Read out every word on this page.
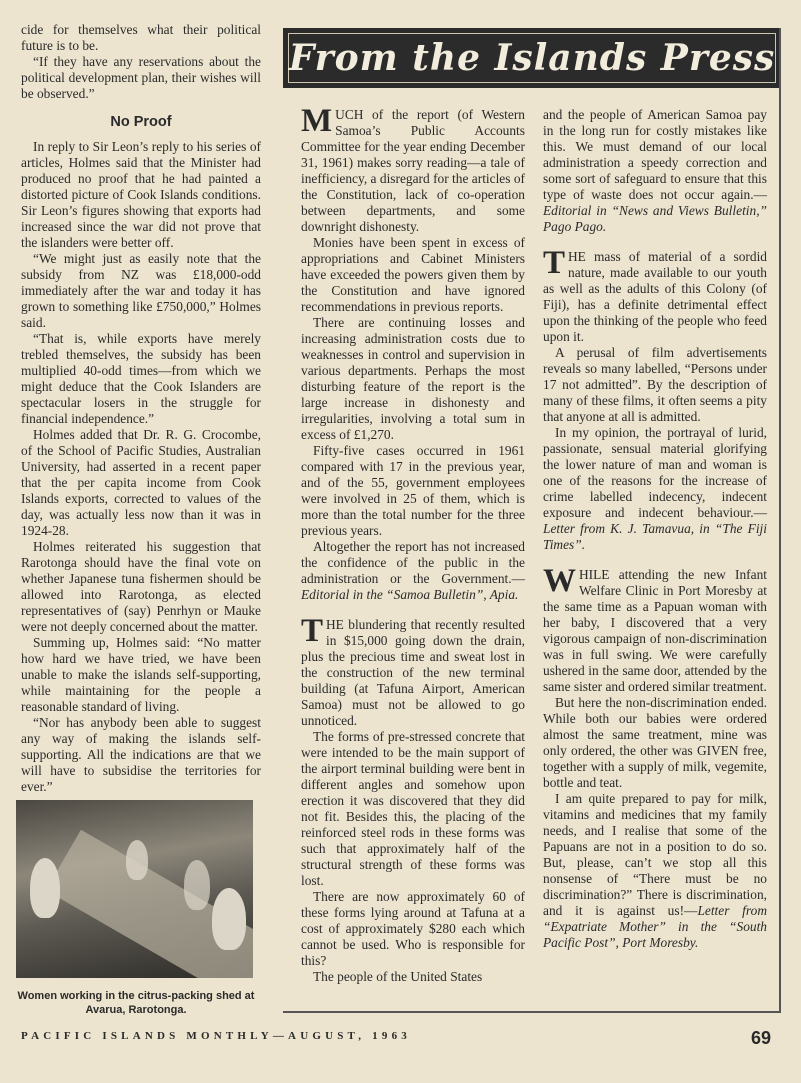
cide for themselves what their political future is to be.

“If they have any reservations about the political development plan, their wishes will be observed.”

No Proof

In reply to Sir Leon’s reply to his series of articles, Holmes said that the Minister had produced no proof that he had painted a distorted picture of Cook Islands conditions. Sir Leon’s figures showing that exports had increased since the war did not prove that the islanders were better off.

“We might just as easily note that the subsidy from NZ was £18,000-odd immediately after the war and today it has grown to something like £750,000,” Holmes said.

“That is, while exports have merely trebled themselves, the subsidy has been multiplied 40-odd times—from which we might deduce that the Cook Islanders are spectacular losers in the struggle for financial independence.”

Holmes added that Dr. R. G. Crocombe, of the School of Pacific Studies, Australian University, had asserted in a recent paper that the per capita income from Cook Islands exports, corrected to values of the day, was actually less now than it was in 1924-28.

Holmes reiterated his suggestion that Rarotonga should have the final vote on whether Japanese tuna fishermen should be allowed into Rarotonga, as elected representatives of (say) Penrhyn or Mauke were not deeply concerned about the matter.

Summing up, Holmes said: “No matter how hard we have tried, we have been unable to make the islands self-supporting, while maintaining for the people a reasonable standard of living.

“Nor has anybody been able to suggest any way of making the islands self-supporting. All the indications are that we will have to subsidise the territories for ever.”

Women working in the citrus-packing shed at Avarua, Rarotonga.
From the Islands Press

MUCH of the report (of Western Samoa’s Public Accounts Committee for the year ending December 31, 1961) makes sorry reading—a tale of inefficiency, a disregard for the articles of the Constitution, lack of co-operation between departments, and some downright dishonesty.

Monies have been spent in excess of appropriations and Cabinet Ministers have exceeded the powers given them by the Constitution and have ignored recommendations in previous reports.

There are continuing losses and increasing administration costs due to weaknesses in control and supervision in various departments. Perhaps the most disturbing feature of the report is the large increase in dishonesty and irregularities, involving a total sum in excess of £1,270.

Fifty-five cases occurred in 1961 compared with 17 in the previous year, and of the 55, government employees were involved in 25 of them, which is more than the total number for the three previous years.

Altogether the report has not increased the confidence of the public in the administration or the Government.—Editorial in the “Samoa Bulletin”, Apia.

THE blundering that recently resulted in $15,000 going down the drain, plus the precious time and sweat lost in the construction of the new terminal building (at Tafuna Airport, American Samoa) must not be allowed to go unnoticed.

The forms of pre-stressed concrete that were intended to be the main support of the airport terminal building were bent in different angles and somehow upon erection it was discovered that they did not fit. Besides this, the placing of the reinforced steel rods in these forms was such that approximately half of the structural strength of these forms was lost.

There are now approximately 60 of these forms lying around at Tafuna at a cost of approximately $280 each which cannot be used. Who is responsible for this?

The people of the United States

and the people of American Samoa pay in the long run for costly mistakes like this. We must demand of our local administration a speedy correction and some sort of safeguard to ensure that this type of waste does not occur again.—Editorial in “News and Views Bulletin,” Pago Pago.

THE mass of material of a sordid nature, made available to our youth as well as the adults of this Colony (of Fiji), has a definite detrimental effect upon the thinking of the people who feed upon it.

A perusal of film advertisements reveals so many labelled, “Persons under 17 not admitted”. By the description of many of these films, it often seems a pity that anyone at all is admitted.

In my opinion, the portrayal of lurid, passionate, sensual material glorifying the lower nature of man and woman is one of the reasons for the increase of crime labelled indecency, indecent exposure and indecent behaviour.—Letter from K. J. Tamavua, in “The Fiji Times”.

WHILE attending the new Infant Welfare Clinic in Port Moresby at the same time as a Papuan woman with her baby, I discovered that a very vigorous campaign of non-discrimination was in full swing. We were carefully ushered in the same door, attended by the same sister and ordered similar treatment.

But here the non-discrimination ended. While both our babies were ordered almost the same treatment, mine was only ordered, the other was GIVEN free, together with a supply of milk, vegemite, bottle and teat.

I am quite prepared to pay for milk, vitamins and medicines that my family needs, and I realise that some of the Papuans are not in a position to do so. But, please, can’t we stop all this nonsense of “There must be no discrimination?” There is discrimination, and it is against us!—Letter from “Expatriate Mother” in the “South Pacific Post”, Port Moresby.

PACIFIC ISLANDS MONTHLY—AUGUST, 1963	69
